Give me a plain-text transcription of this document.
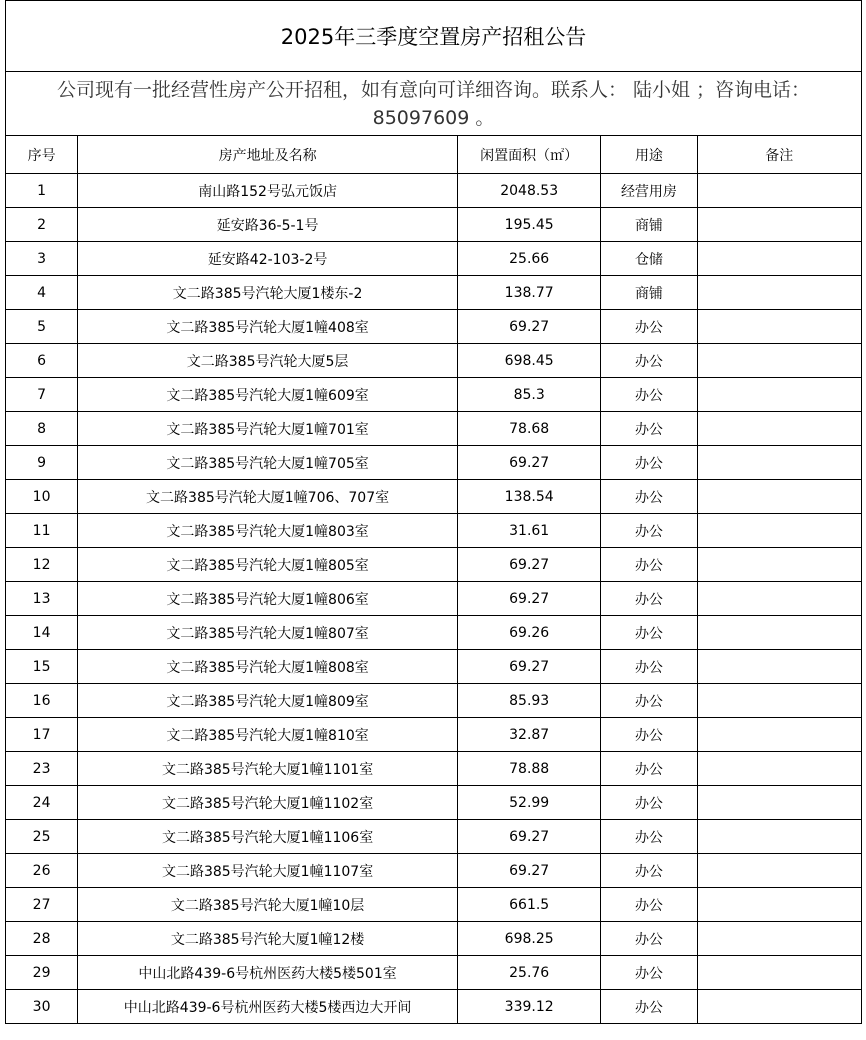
2025年三季度空置房产招租公告				

公司现有一批经营性房产公开招租，如有意向可详细咨询。联系人： 陆小姐 ；咨询电话：
85097609 。				

序号	房产地址及名称	闲置面积（㎡）	用途	备注
1	南山路152号弘元饭店	2048.53	经营用房	
2	延安路36-5-1号	195.45	商铺	
3	延安路42-103-2号	25.66	仓储	
4	文二路385号汽轮大厦1楼东-2	138.77	商铺	
5	文二路385号汽轮大厦1幢408室	69.27	办公	
6	文二路385号汽轮大厦5层	698.45	办公	
7	文二路385号汽轮大厦1幢609室	85.3	办公	
8	文二路385号汽轮大厦1幢701室	78.68	办公	
9	文二路385号汽轮大厦1幢705室	69.27	办公	
10	文二路385号汽轮大厦1幢706、707室	138.54	办公	
11	文二路385号汽轮大厦1幢803室	31.61	办公	
12	文二路385号汽轮大厦1幢805室	69.27	办公	
13	文二路385号汽轮大厦1幢806室	69.27	办公	
14	文二路385号汽轮大厦1幢807室	69.26	办公	
15	文二路385号汽轮大厦1幢808室	69.27	办公	
16	文二路385号汽轮大厦1幢809室	85.93	办公	
17	文二路385号汽轮大厦1幢810室	32.87	办公	
23	文二路385号汽轮大厦1幢1101室	78.88	办公	
24	文二路385号汽轮大厦1幢1102室	52.99	办公	
25	文二路385号汽轮大厦1幢1106室	69.27	办公	
26	文二路385号汽轮大厦1幢1107室	69.27	办公	
27	文二路385号汽轮大厦1幢10层	661.5	办公	
28	文二路385号汽轮大厦1幢12楼	698.25	办公	
29	中山北路439-6号杭州医药大楼5楼501室	25.76	办公	
30	中山北路439-6号杭州医药大楼5楼西边大开间	339.12	办公	
